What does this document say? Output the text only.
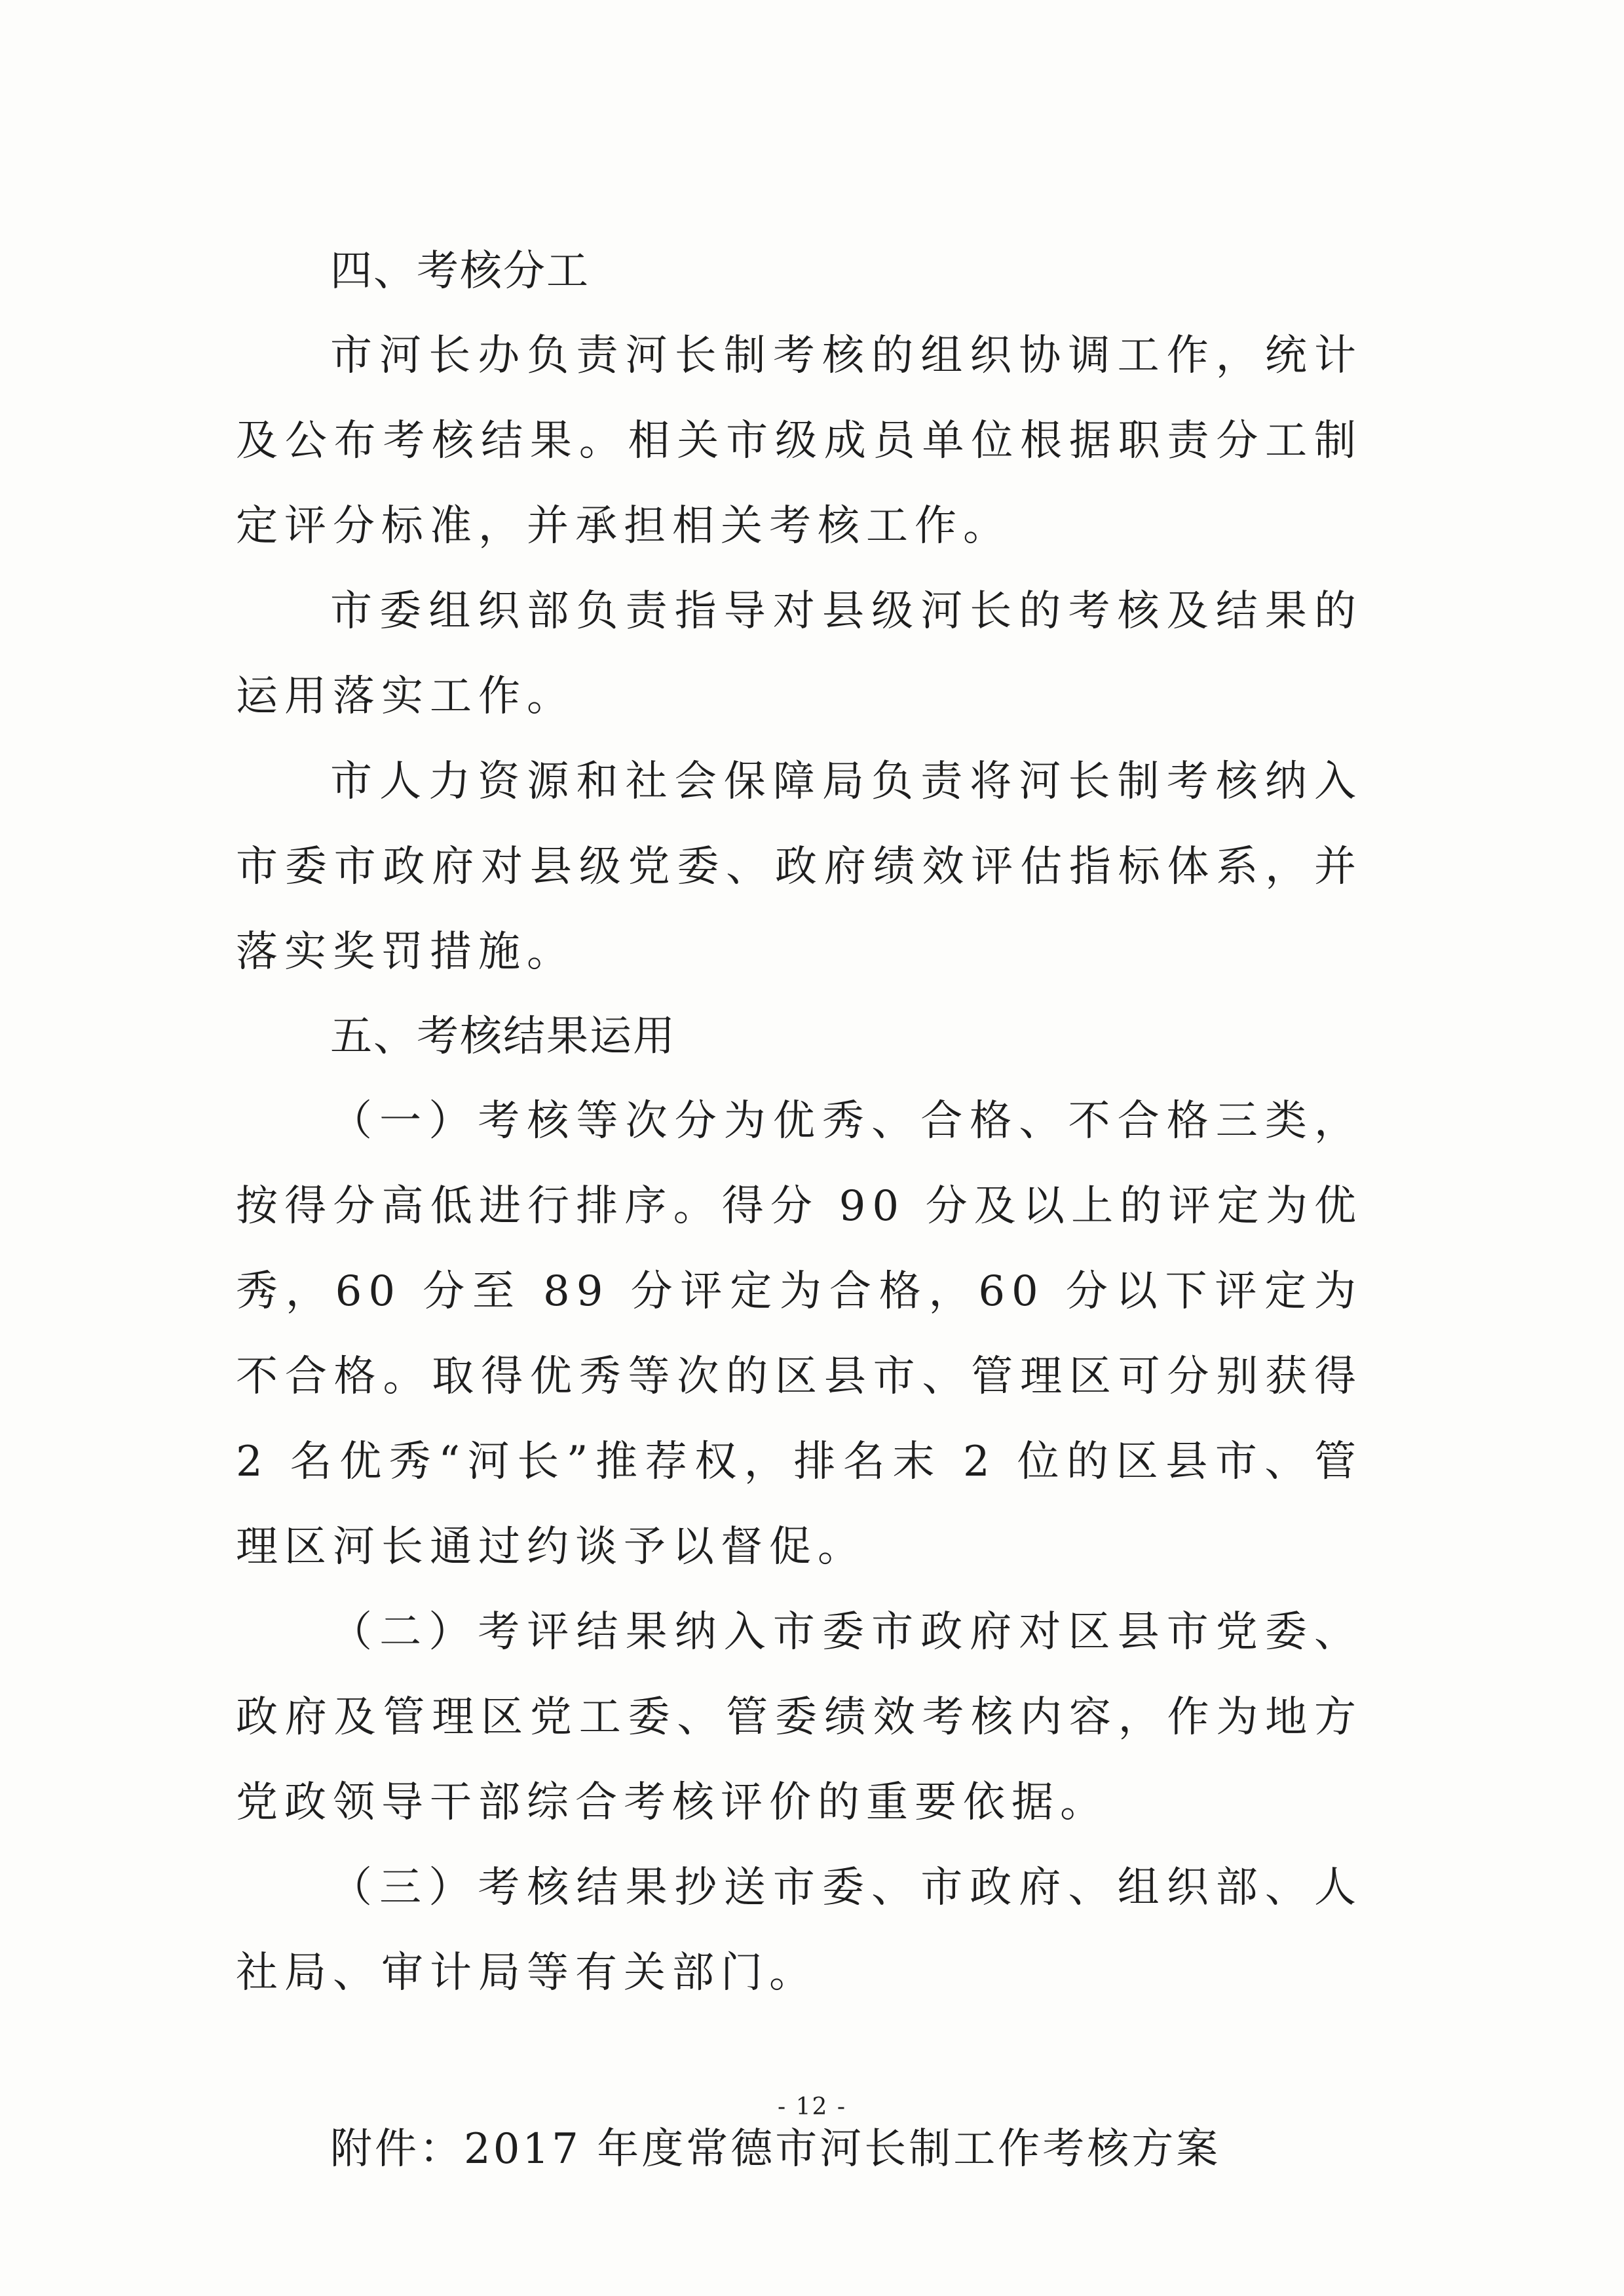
四、考核分工

市河长办负责河长制考核的组织协调工作，统计及公布考核结果。相关市级成员单位根据职责分工制定评分标准，并承担相关考核工作。

市委组织部负责指导对县级河长的考核及结果的运用落实工作。

市人力资源和社会保障局负责将河长制考核纳入市委市政府对县级党委、政府绩效评估指标体系，并落实奖罚措施。

五、考核结果运用

（一）考核等次分为优秀、合格、不合格三类，按得分高低进行排序。得分 90 分及以上的评定为优秀，60 分至 89 分评定为合格，60 分以下评定为不合格。取得优秀等次的区县市、管理区可分别获得 2 名优秀“河长”推荐权，排名末 2 位的区县市、管理区河长通过约谈予以督促。

（二）考评结果纳入市委市政府对区县市党委、政府及管理区党工委、管委绩效考核内容，作为地方党政领导干部综合考核评价的重要依据。

（三）考核结果抄送市委、市政府、组织部、人社局、审计局等有关部门。

附件：2017 年度常德市河长制工作考核方案

- 12 -
